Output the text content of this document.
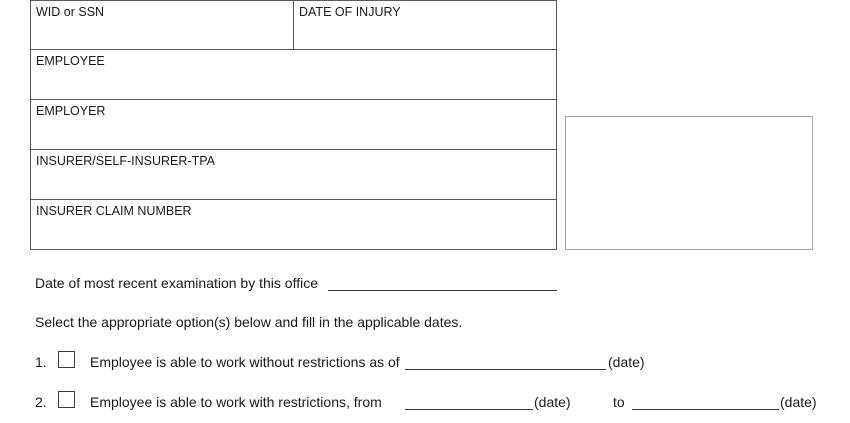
WID or SSN	DATE OF INJURY
EMPLOYEE
EMPLOYER
INSURER/SELF-INSURER-TPA
INSURER CLAIM NUMBER
Date of most recent examination by this office
Select the appropriate option(s) below and fill in the applicable dates.
1.	Employee is able to work without restrictions as of	(date)
2.	Employee is able to work with restrictions, from	(date)	to	(date)
